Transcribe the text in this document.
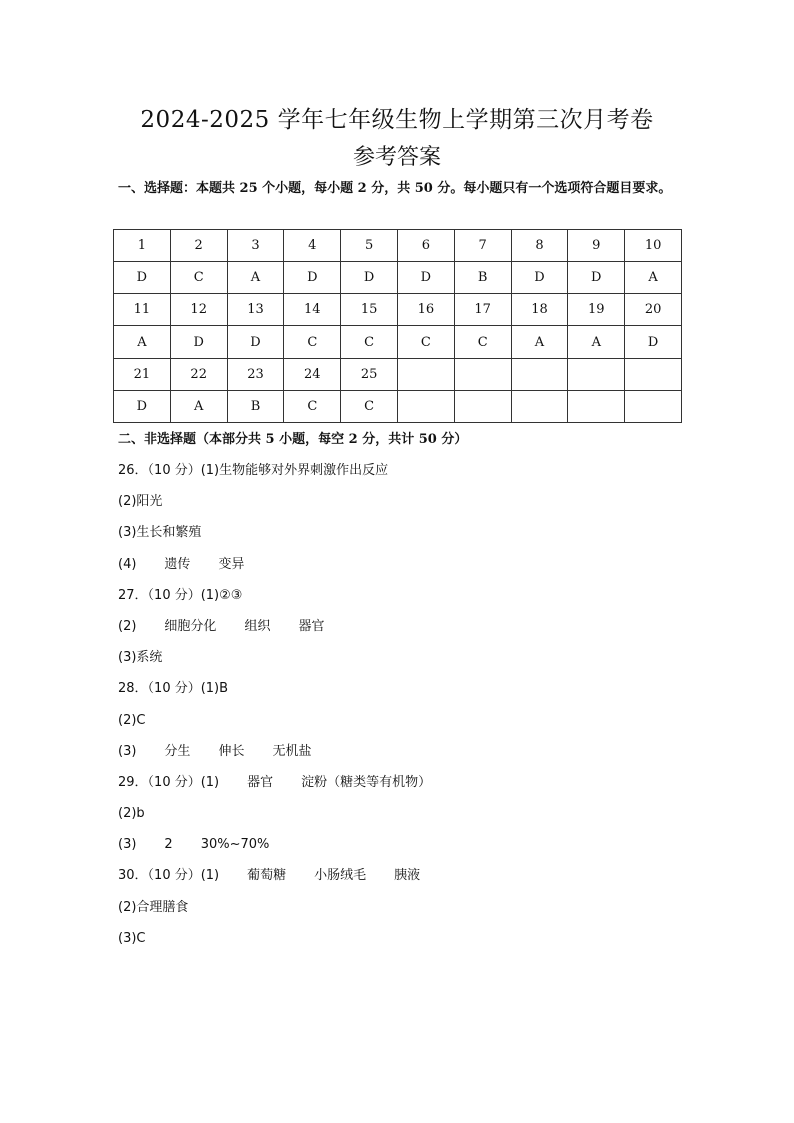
2024-2025 学年七年级生物上学期第三次月考卷
参考答案
一、选择题：本题共 25 个小题，每小题 2 分，共 50 分。每小题只有一个选项符合题目要求。
1	2	3	4	5	6	7	8	9	10
D	C	A	D	D	D	B	D	D	A
11	12	13	14	15	16	17	18	19	20
A	D	D	C	C	C	C	A	A	D
21	22	23	24	25					
D	A	B	C	C					
二、非选择题（本部分共 5 小题，每空 2 分，共计 50 分）
26．（10 分）(1)生物能够对外界刺激作出反应
(2)阳光
(3)生长和繁殖
(4) 遗传 变异
27．（10 分）(1)②③
(2) 细胞分化 组织 器官
(3)系统
28．（10 分）(1)B
(2)C
(3) 分生 伸长 无机盐
29．（10 分）(1) 器官 淀粉（糖类等有机物）
(2)b
(3) 2 30%~70%
30．（10 分）(1) 葡萄糖 小肠绒毛 胰液
(2)合理膳食
(3)C
